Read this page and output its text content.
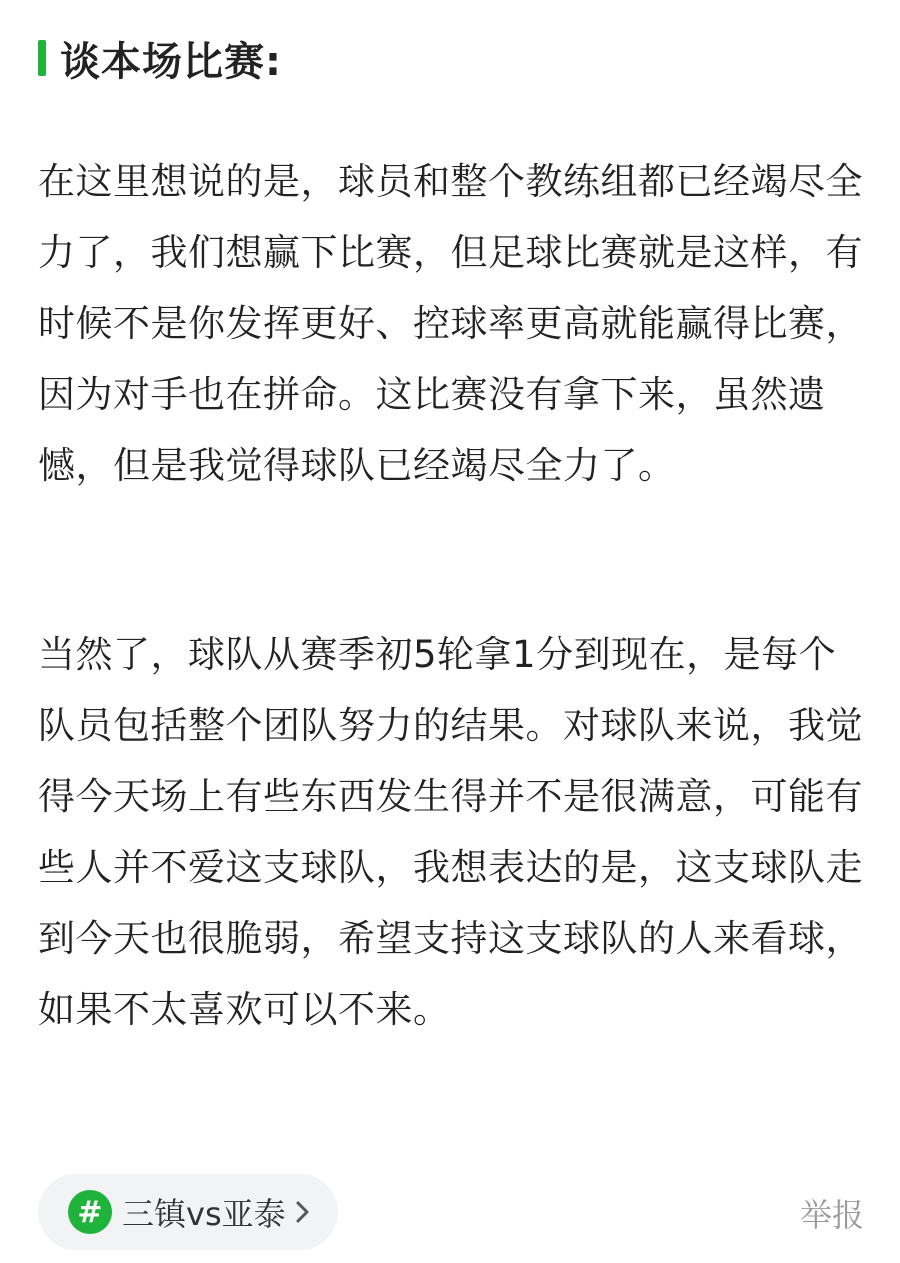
谈本场比赛:

在这里想说的是，球员和整个教练组都已经竭尽全力了，我们想赢下比赛，但足球比赛就是这样，有时候不是你发挥更好、控球率更高就能赢得比赛，因为对手也在拼命。这比赛没有拿下来，虽然遗憾，但是我觉得球队已经竭尽全力了。

当然了，球队从赛季初5轮拿1分到现在，是每个队员包括整个团队努力的结果。对球队来说，我觉得今天场上有些东西发生得并不是很满意，可能有些人并不爱这支球队，我想表达的是，这支球队走到今天也很脆弱，希望支持这支球队的人来看球，如果不太喜欢可以不来。

# 三镇vs亚泰	举报
